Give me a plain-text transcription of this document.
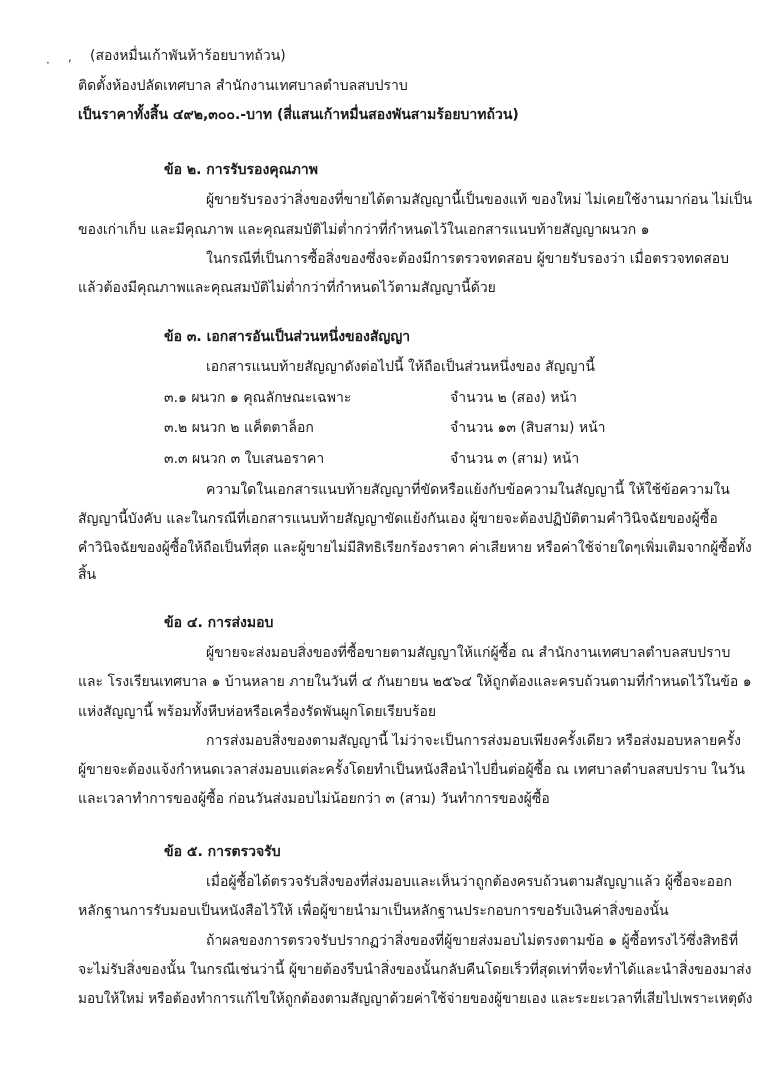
· , (สองหมื่นเก้าพันห้าร้อยบาทถ้วน)
ติดตั้งห้องปลัดเทศบาล สำนักงานเทศบาลตำบลสบปราบ
เป็นราคาทั้งสิ้น ๔๙๒,๓๐๐.-บาท (สี่แสนเก้าหมื่นสองพันสามร้อยบาทถ้วน)
ข้อ ๒. การรับรองคุณภาพ
ผู้ขายรับรองว่าสิ่งของที่ขายได้ตามสัญญานี้เป็นของแท้ ของใหม่ ไม่เคยใช้งานมาก่อน ไม่เป็น
ของเก่าเก็บ และมีคุณภาพ และคุณสมบัติไม่ต่ำกว่าที่กำหนดไว้ในเอกสารแนบท้ายสัญญาผนวก ๑
ในกรณีที่เป็นการซื้อสิ่งของซึ่งจะต้องมีการตรวจทดสอบ ผู้ขายรับรองว่า เมื่อตรวจทดสอบ
แล้วต้องมีคุณภาพและคุณสมบัติไม่ต่ำกว่าที่กำหนดไว้ตามสัญญานี้ด้วย
ข้อ ๓. เอกสารอันเป็นส่วนหนึ่งของสัญญา
เอกสารแนบท้ายสัญญาดังต่อไปนี้ ให้ถือเป็นส่วนหนึ่งของ สัญญานี้
๓.๑ ผนวก ๑ คุณลักษณะเฉพาะ	จำนวน ๒ (สอง) หน้า
๓.๒ ผนวก ๒ แค็ตตาล็อก	จำนวน ๑๓ (สิบสาม) หน้า
๓.๓ ผนวก ๓ ใบเสนอราคา	จำนวน ๓ (สาม) หน้า
ความใดในเอกสารแนบท้ายสัญญาที่ขัดหรือแย้งกับข้อความในสัญญานี้ ให้ใช้ข้อความใน
สัญญานี้บังคับ และในกรณีที่เอกสารแนบท้ายสัญญาขัดแย้งกันเอง ผู้ขายจะต้องปฏิบัติตามคำวินิจฉัยของผู้ซื้อ
คำวินิจฉัยของผู้ซื้อให้ถือเป็นที่สุด และผู้ขายไม่มีสิทธิเรียกร้องราคา ค่าเสียหาย หรือค่าใช้จ่ายใดๆเพิ่มเติมจากผู้ซื้อทั้ง
สิ้น
ข้อ ๔. การส่งมอบ
ผู้ขายจะส่งมอบสิ่งของที่ซื้อขายตามสัญญาให้แก่ผู้ซื้อ ณ สำนักงานเทศบาลตำบลสบปราบ
และ โรงเรียนเทศบาล ๑ บ้านหลาย ภายในวันที่ ๔ กันยายน ๒๕๖๔ ให้ถูกต้องและครบถ้วนตามที่กำหนดไว้ในข้อ ๑
แห่งสัญญานี้ พร้อมทั้งหีบห่อหรือเครื่องรัดพันผูกโดยเรียบร้อย
การส่งมอบสิ่งของตามสัญญานี้ ไม่ว่าจะเป็นการส่งมอบเพียงครั้งเดียว หรือส่งมอบหลายครั้ง
ผู้ขายจะต้องแจ้งกำหนดเวลาส่งมอบแต่ละครั้งโดยทำเป็นหนังสือนำไปยื่นต่อผู้ซื้อ ณ เทศบาลตำบลสบปราบ ในวัน
และเวลาทำการของผู้ซื้อ ก่อนวันส่งมอบไม่น้อยกว่า ๓ (สาม) วันทำการของผู้ซื้อ
ข้อ ๕. การตรวจรับ
เมื่อผู้ซื้อได้ตรวจรับสิ่งของที่ส่งมอบและเห็นว่าถูกต้องครบถ้วนตามสัญญาแล้ว ผู้ซื้อจะออก
หลักฐานการรับมอบเป็นหนังสือไว้ให้ เพื่อผู้ขายนำมาเป็นหลักฐานประกอบการขอรับเงินค่าสิ่งของนั้น
ถ้าผลของการตรวจรับปรากฏว่าสิ่งของที่ผู้ขายส่งมอบไม่ตรงตามข้อ ๑ ผู้ซื้อทรงไว้ซึ่งสิทธิที่
จะไม่รับสิ่งของนั้น ในกรณีเช่นว่านี้ ผู้ขายต้องรีบนำสิ่งของนั้นกลับคืนโดยเร็วที่สุดเท่าที่จะทำได้และนำสิ่งของมาส่ง
มอบให้ใหม่ หรือต้องทำการแก้ไขให้ถูกต้องตามสัญญาด้วยค่าใช้จ่ายของผู้ขายเอง และระยะเวลาที่เสียไปเพราะเหตุดัง
